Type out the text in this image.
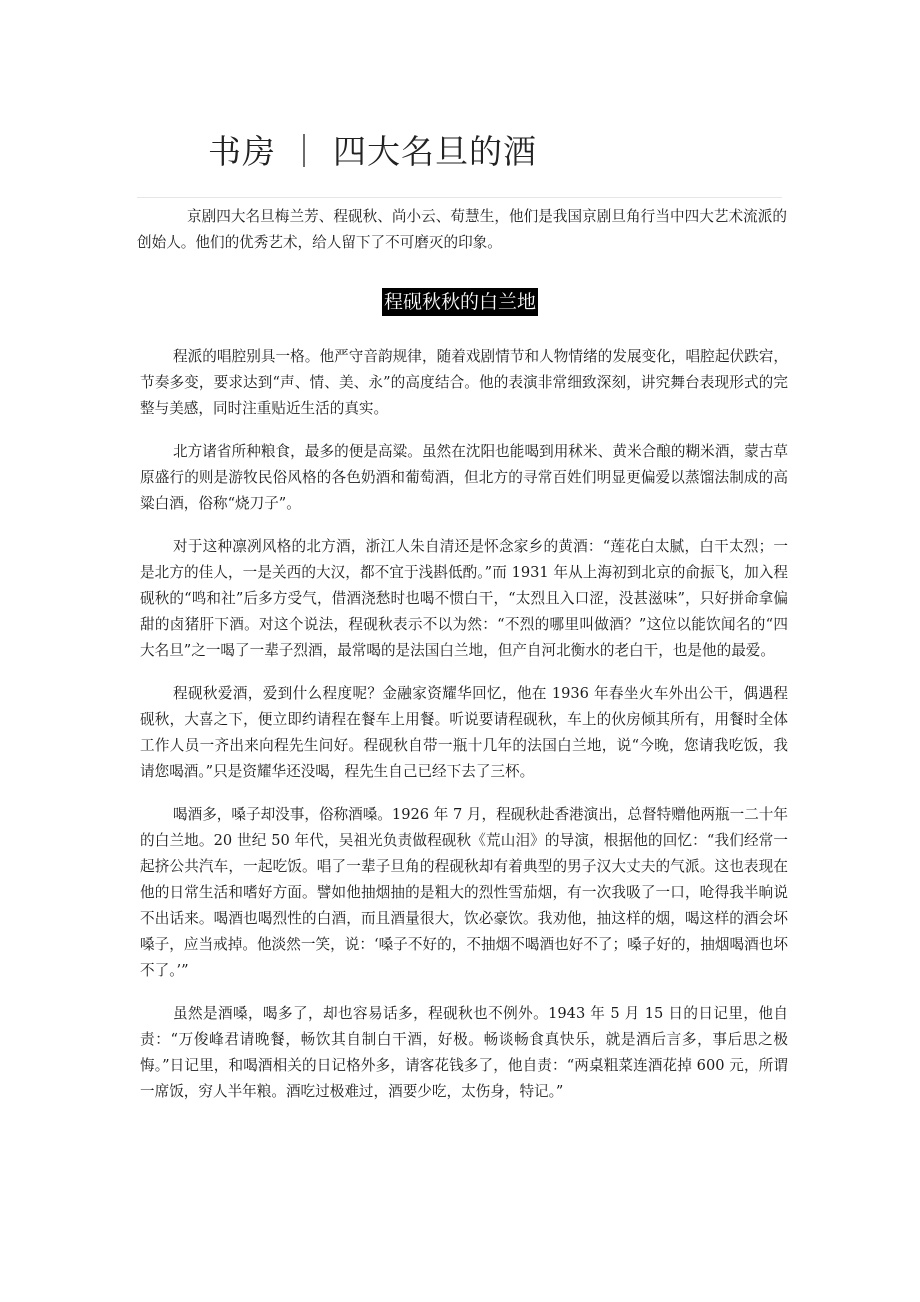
书房 ｜ 四大名旦的酒

京剧四大名旦梅兰芳、程砚秋、尚小云、荀慧生，他们是我国京剧旦角行当中四大艺术流派的创始人。他们的优秀艺术，给人留下了不可磨灭的印象。

程砚秋秋的白兰地

程派的唱腔别具一格。他严守音韵规律，随着戏剧情节和人物情绪的发展变化，唱腔起伏跌宕，节奏多变，要求达到“声、情、美、永”的高度结合。他的表演非常细致深刻，讲究舞台表现形式的完整与美感，同时注重贴近生活的真实。

北方诸省所种粮食，最多的便是高粱。虽然在沈阳也能喝到用秫米、黄米合酿的糊米酒，蒙古草原盛行的则是游牧民俗风格的各色奶酒和葡萄酒，但北方的寻常百姓们明显更偏爱以蒸馏法制成的高粱白酒，俗称“烧刀子”。

对于这种凛冽风格的北方酒，浙江人朱自清还是怀念家乡的黄酒：“莲花白太腻，白干太烈；一是北方的佳人，一是关西的大汉，都不宜于浅斟低酌。”而 1931 年从上海初到北京的俞振飞，加入程砚秋的“鸣和社”后多方受气，借酒浇愁时也喝不惯白干，“太烈且入口涩，没甚滋味”，只好拼命拿偏甜的卤猪肝下酒。对这个说法，程砚秋表示不以为然：“不烈的哪里叫做酒？”这位以能饮闻名的“四大名旦”之一喝了一辈子烈酒，最常喝的是法国白兰地，但产自河北衡水的老白干，也是他的最爱。

程砚秋爱酒，爱到什么程度呢？金融家资耀华回忆，他在 1936 年春坐火车外出公干，偶遇程砚秋，大喜之下，便立即约请程在餐车上用餐。听说要请程砚秋，车上的伙房倾其所有，用餐时全体工作人员一齐出来向程先生问好。程砚秋自带一瓶十几年的法国白兰地，说“今晚，您请我吃饭，我请您喝酒。”只是资耀华还没喝，程先生自己已经下去了三杯。

喝酒多，嗓子却没事，俗称酒嗓。1926 年 7 月，程砚秋赴香港演出，总督特赠他两瓶一二十年的白兰地。20 世纪 50 年代，吴祖光负责做程砚秋《荒山泪》的导演，根据他的回忆：“我们经常一起挤公共汽车，一起吃饭。唱了一辈子旦角的程砚秋却有着典型的男子汉大丈夫的气派。这也表现在他的日常生活和嗜好方面。譬如他抽烟抽的是粗大的烈性雪茄烟，有一次我吸了一口，呛得我半晌说不出话来。喝酒也喝烈性的白酒，而且酒量很大，饮必豪饮。我劝他，抽这样的烟，喝这样的酒会坏嗓子，应当戒掉。他淡然一笑，说：‘嗓子不好的，不抽烟不喝酒也好不了；嗓子好的，抽烟喝酒也坏不了。’”

虽然是酒嗓，喝多了，却也容易话多，程砚秋也不例外。1943 年 5 月 15 日的日记里，他自责：“万俊峰君请晚餐，畅饮其自制白干酒，好极。畅谈畅食真快乐，就是酒后言多，事后思之极悔。”日记里，和喝酒相关的日记格外多，请客花钱多了，他自责：“两桌粗菜连酒花掉 600 元，所谓一席饭，穷人半年粮。酒吃过极难过，酒要少吃，太伤身，特记。”
